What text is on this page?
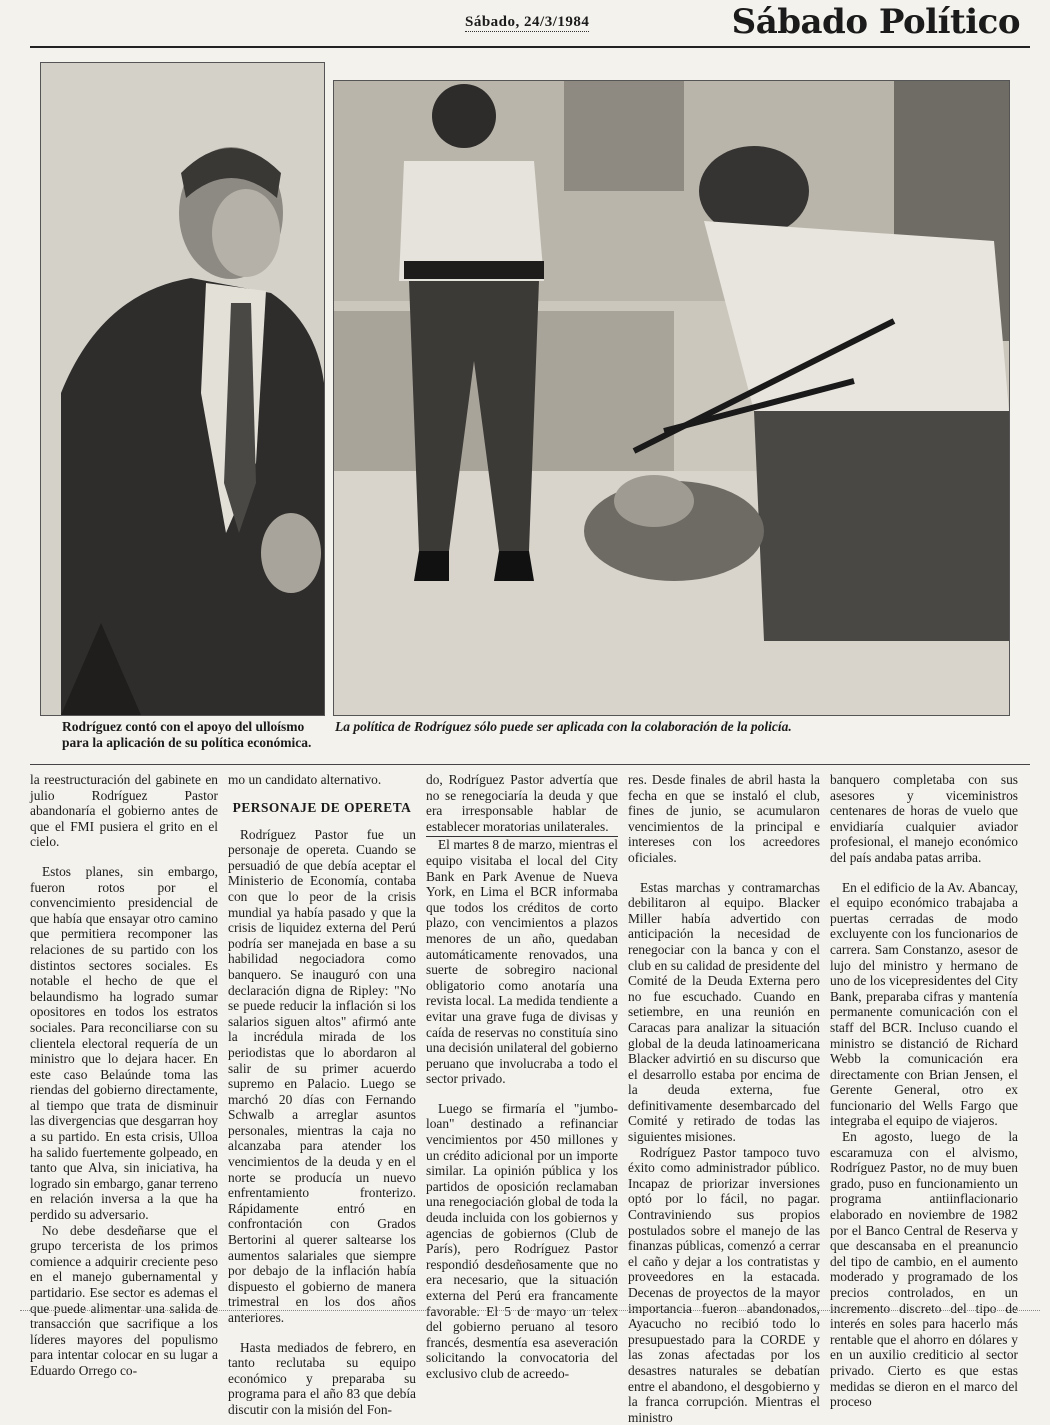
Sábado, 24/3/1984	Sábado Político
Rodríguez contó con el apoyo del ulloísmo para la aplicación de su política económica.
La política de Rodríguez sólo puede ser aplicada con la colaboración de la policía.

la reestructuración del gabinete en julio Rodríguez Pastor abandonaría el gobierno antes de que el FMI pusiera el grito en el cielo.

Estos planes, sin embargo, fueron rotos por el convencimiento presidencial de que había que ensayar otro camino que permitiera recomponer las relaciones de su partido con los distintos sectores sociales. Es notable el hecho de que el belaundismo ha logrado sumar opositores en todos los estratos sociales. Para reconciliarse con su clientela electoral requería de un ministro que lo dejara hacer. En este caso Belaúnde toma las riendas del gobierno directamente, al tiempo que trata de disminuir las divergencias que desgarran hoy a su partido. En esta crisis, Ulloa ha salido fuertemente golpeado, en tanto que Alva, sin iniciativa, ha logrado sin embargo, ganar terreno en relación inversa a la que ha perdido su adversario.

No debe desdeñarse que el grupo tercerista de los primos comience a adquirir creciente peso en el manejo gubernamental y partidario. Ese sector es ademas el que puede alimentar una salida de transacción que sacrifique a los líderes mayores del populismo para intentar colocar en su lugar a Eduardo Orrego co-

mo un candidato alternativo.

PERSONAJE DE OPERETA

Rodríguez Pastor fue un personaje de opereta. Cuando se persuadió de que debía aceptar el Ministerio de Economía, contaba con que lo peor de la crisis mundial ya había pasado y que la crisis de liquidez externa del Perú podría ser manejada en base a su habilidad negociadora como banquero. Se inauguró con una declaración digna de Ripley: "No se puede reducir la inflación si los salarios siguen altos" afirmó ante la incrédula mirada de los periodistas que lo abordaron al salir de su primer acuerdo supremo en Palacio. Luego se marchó 20 días con Fernando Schwalb a arreglar asuntos personales, mientras la caja no alcanzaba para atender los vencimientos de la deuda y en el norte se producía un nuevo enfrentamiento fronterizo. Rápidamente entró en confrontación con Grados Bertorini al querer saltearse los aumentos salariales que siempre por debajo de la inflación había dispuesto el gobierno de manera trimestral en los dos años anteriores.

Hasta mediados de febrero, en tanto reclutaba su equipo económico y preparaba su programa para el año 83 que debía discutir con la misión del Fon-

do, Rodríguez Pastor advertía que no se renegociaría la deuda y que era irresponsable hablar de establecer moratorias unilaterales.

El martes 8 de marzo, mientras el equipo visitaba el local del City Bank en Park Avenue de Nueva York, en Lima el BCR informaba que todos los créditos de corto plazo, con vencimientos a plazos menores de un año, quedaban automáticamente renovados, una suerte de sobregiro nacional obligatorio como anotaría una revista local. La medida tendiente a evitar una grave fuga de divisas y caída de reservas no constituía sino una decisión unilateral del gobierno peruano que involucraba a todo el sector privado.

Luego se firmaría el "jumbo-loan" destinado a refinanciar vencimientos por 450 millones y un crédito adicional por un importe similar. La opinión pública y los partidos de oposición reclamaban una renegociación global de toda la deuda incluida con los gobiernos y agencias de gobiernos (Club de París), pero Rodríguez Pastor respondió desdeñosamente que no era necesario, que la situación externa del Perú era francamente favorable. El 5 de mayo un telex del gobierno peruano al tesoro francés, desmentía esa aseveración solicitando la convocatoria del exclusivo club de acreedo-

res. Desde finales de abril hasta la fecha en que se instaló el club, fines de junio, se acumularon vencimientos de la principal e intereses con los acreedores oficiales.

Estas marchas y contramarchas debilitaron al equipo. Blacker Miller había advertido con anticipación la necesidad de renegociar con la banca y con el club en su calidad de presidente del Comité de la Deuda Externa pero no fue escuchado. Cuando en setiembre, en una reunión en Caracas para analizar la situación global de la deuda latinoamericana Blacker advirtió en su discurso que el desarrollo estaba por encima de la deuda externa, fue definitivamente desembarcado del Comité y retirado de todas las siguientes misiones.

Rodríguez Pastor tampoco tuvo éxito como administrador público. Incapaz de priorizar inversiones optó por lo fácil, no pagar. Contraviniendo sus propios postulados sobre el manejo de las finanzas públicas, comenzó a cerrar el caño y dejar a los contratistas y proveedores en la estacada. Decenas de proyectos de la mayor importancia fueron abandonados, Ayacucho no recibió todo lo presupuestado para la CORDE y las zonas afectadas por los desastres naturales se debatían entre el abandono, el desgobierno y la franca corrupción. Mientras el ministro

banquero completaba con sus asesores y viceministros centenares de horas de vuelo que envidiaría cualquier aviador profesional, el manejo económico del país andaba patas arriba.

En el edificio de la Av. Abancay, el equipo económico trabajaba a puertas cerradas de modo excluyente con los funcionarios de carrera. Sam Constanzo, asesor de lujo del ministro y hermano de uno de los vicepresidentes del City Bank, preparaba cifras y mantenía permanente comunicación con el staff del BCR. Incluso cuando el ministro se distanció de Richard Webb la comunicación era directamente con Brian Jensen, el Gerente General, otro ex funcionario del Wells Fargo que integraba el equipo de viajeros.

En agosto, luego de la escaramuza con el alvismo, Rodríguez Pastor, no de muy buen grado, puso en funcionamiento un programa antiinflacionario elaborado en noviembre de 1982 por el Banco Central de Reserva y que descansaba en el preanuncio del tipo de cambio, en el aumento moderado y programado de los precios controlados, en un incremento discreto del tipo de interés en soles para hacerlo más rentable que el ahorro en dólares y en un auxilio crediticio al sector privado. Cierto es que estas medidas se dieron en el marco del proceso
